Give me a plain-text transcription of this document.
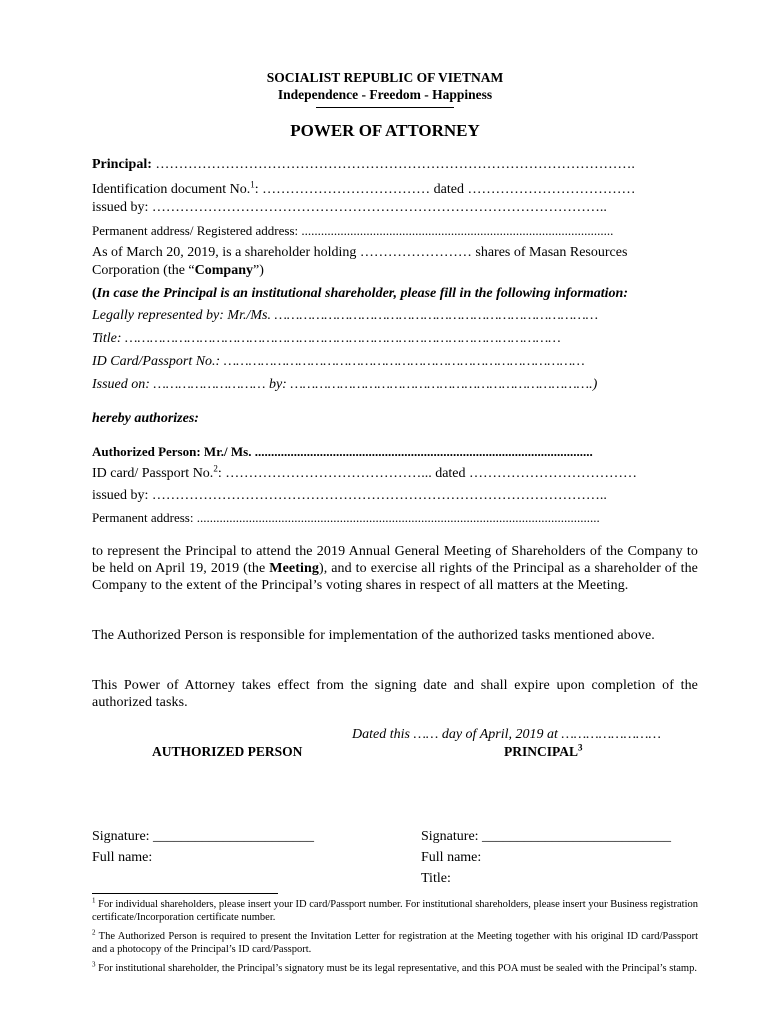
SOCIALIST REPUBLIC OF VIETNAM
Independence - Freedom - Happiness
POWER OF ATTORNEY
Principal: ………………………………………………………………………………………….
Identification document No.$^1$: ……………………………… dated ………………………………
issued by: ……………………………………………………………………………………..
Permanent address/ Registered address: ................................................................................................
As of March 20, 2019, is a shareholder holding …………………… shares of Masan Resources
Corporation (the “Company”)
(In case the Principal is an institutional shareholder, please fill in the following information:
Legally represented by: Mr./Ms. ……………………………………………………………………
Title: ……………………………………………………………………………………………
ID Card/Passport No.: ……………………………………………………………………………
Issued on: ……………………… by: ……………………………………………………………….)
hereby authorizes:
Authorized Person: Mr./ Ms. ........................................................................................................
ID card/ Passport No.$^2$: ……………………………………... dated ………………………………
issued by: ……………………………………………………………………………………..
Permanent address: ............................................................................................................................
to represent the Principal to attend the 2019 Annual General Meeting of Shareholders of the Company to be held on April 19, 2019 (the Meeting), and to exercise all rights of the Principal as a shareholder of the Company to the extent of the Principal’s voting shares in respect of all matters at the Meeting.
The Authorized Person is responsible for implementation of the authorized tasks mentioned above.
This Power of Attorney takes effect from the signing date and shall expire upon completion of the authorized tasks.
Dated this …… day of April, 2019 at ……………………
AUTHORIZED PERSON	PRINCIPAL$^3$
Signature: _______________________
Full name:
Signature: ___________________________
Full name:
Title:
$^1$ For individual shareholders, please insert your ID card/Passport number. For institutional shareholders, please insert your Business registration certificate/Incorporation certificate number.
$^2$ The Authorized Person is required to present the Invitation Letter for registration at the Meeting together with his original ID card/Passport and a photocopy of the Principal’s ID card/Passport.
$^3$ For institutional shareholder, the Principal’s signatory must be its legal representative, and this POA must be sealed with the Principal’s stamp.
